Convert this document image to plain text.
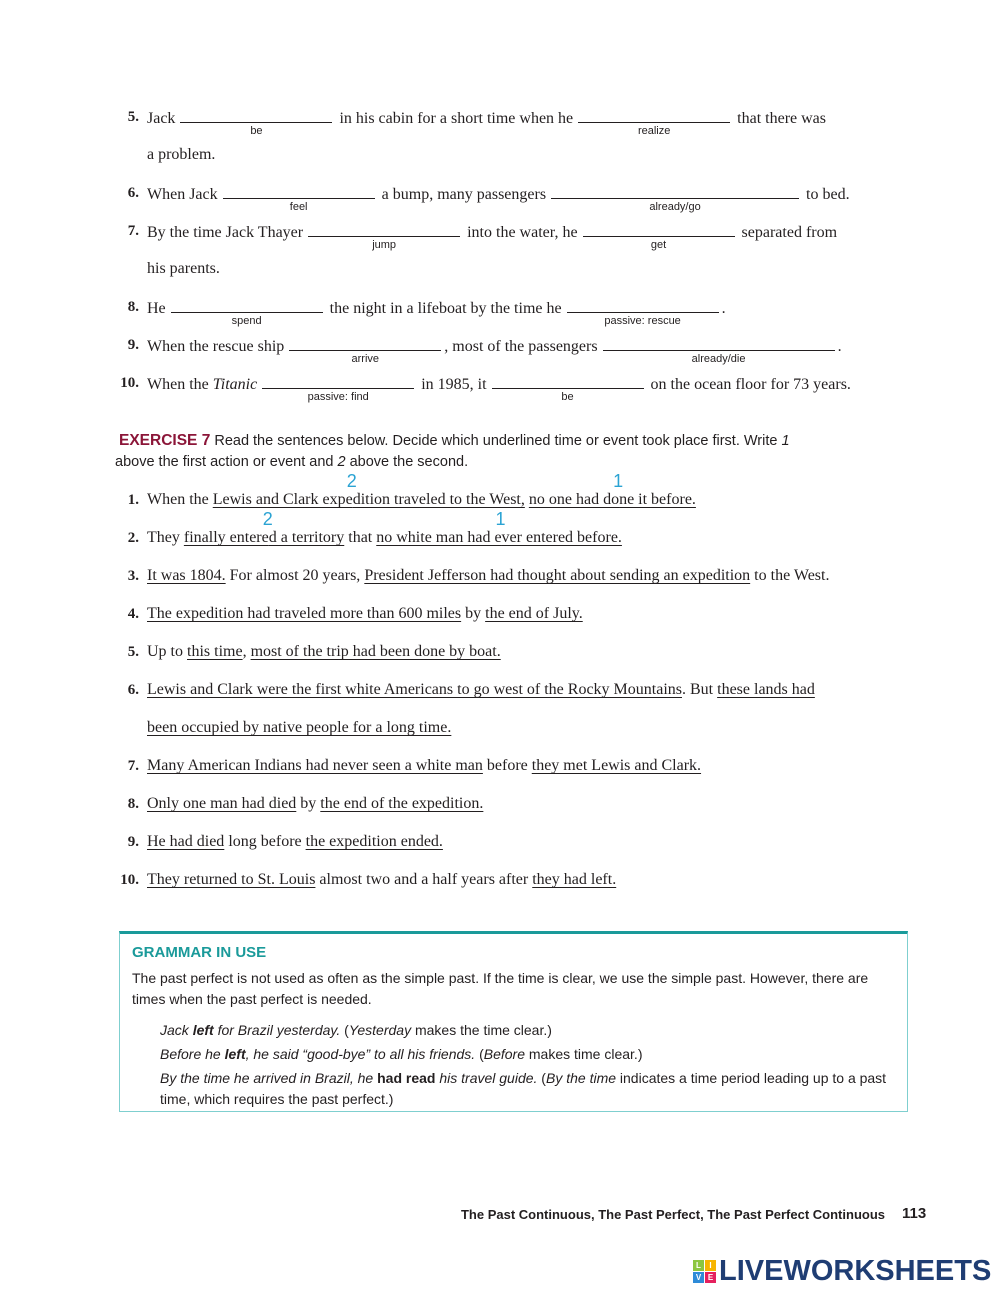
5. Jack
be
in his cabin for a short time when he
realize
that there was
a problem.
6. When Jack
feel
a bump, many passengers
already/go
to bed.
7. By the time Jack Thayer
jump
into the water, he
get
separated from
his parents.
8. He
spend
the night in a lifeboat by the time he
passive: rescue
.
9. When the rescue ship
arrive
, most of the passengers
already/die
.
10. When the Titanic
passive: find
in 1985, it
be
on the ocean floor for 73 years.
EXERCISE 7 Read the sentences below. Decide which underlined time or event took place first. Write 1
above the first action or event and 2 above the second.
1. When the Lewis and Clark expe
2
dition traveled to the West, no one had do
1
ne it before.
2. They finally entere
2
d a territory that no white man had e
1
ver entered before.
3. It was 1804. For almost 20 years, President Jefferson had thought about sending an expedition to the West.
4. The expedition had traveled more than 600 miles by the end of July.
5. Up to this time, most of the trip had been done by boat.
6. Lewis and Clark were the first white Americans to go west of the Rocky Mountains. But these lands had
been occupied by native people for a long time.
7. Many American Indians had never seen a white man before they met Lewis and Clark.
8. Only one man had died by the end of the expedition.
9. He had died long before the expedition ended.
10. They returned to St. Louis almost two and a half years after they had left.
GRAMMAR IN USE
The past perfect is not used as often as the simple past. If the time is clear, we use the simple past. However, there are times when the past perfect is needed.
Jack left for Brazil yesterday. (Yesterday makes the time clear.)
Before he left, he said “good-bye” to all his friends. (Before makes time clear.)
By the time he arrived in Brazil, he had read his travel guide. (By the time indicates a time period leading up to a past time, which requires the past perfect.)
The Past Continuous, The Past Perfect, The Past Perfect Continuous 113
L	I
V E LIVEWORKSHEETS
